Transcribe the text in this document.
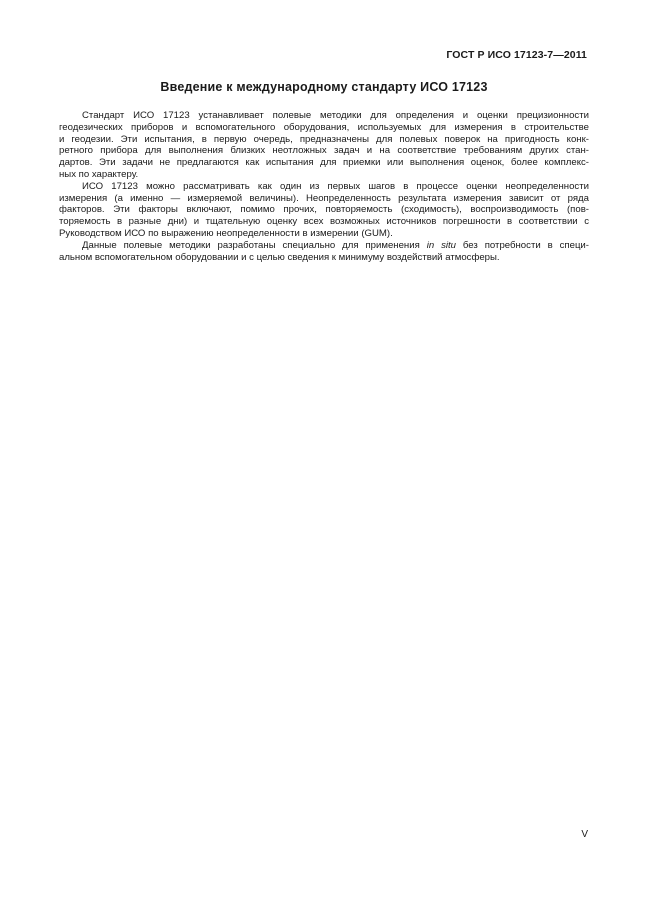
ГОСТ Р ИСО 17123-7—2011
Введение к международному стандарту ИСО 17123
Стандарт ИСО 17123 устанавливает полевые методики для определения и оценки прецизионности
геодезических приборов и вспомогательного оборудования, используемых для измерения в строительстве
и геодезии. Эти испытания, в первую очередь, предназначены для полевых поверок на пригодность конк-
ретного прибора для выполнения близких неотложных задач и на соответствие требованиям других стан-
дартов. Эти задачи не предлагаются как испытания для приемки или выполнения оценок, более комплекс-
ных по характеру.
ИСО 17123 можно рассматривать как один из первых шагов в процессе оценки неопределенности
измерения (а именно — измеряемой величины). Неопределенность результата измерения зависит от ряда
факторов. Эти факторы включают, помимо прочих, повторяемость (сходимость), воспроизводимость (пов-
торяемость в разные дни) и тщательную оценку всех возможных источников погрешности в соответствии с
Руководством ИСО по выражению неопределенности в измерении (GUM).
Данные полевые методики разработаны специально для применения in situ без потребности в специ-
альном вспомогательном оборудовании и с целью сведения к минимуму воздействий атмосферы.
V
